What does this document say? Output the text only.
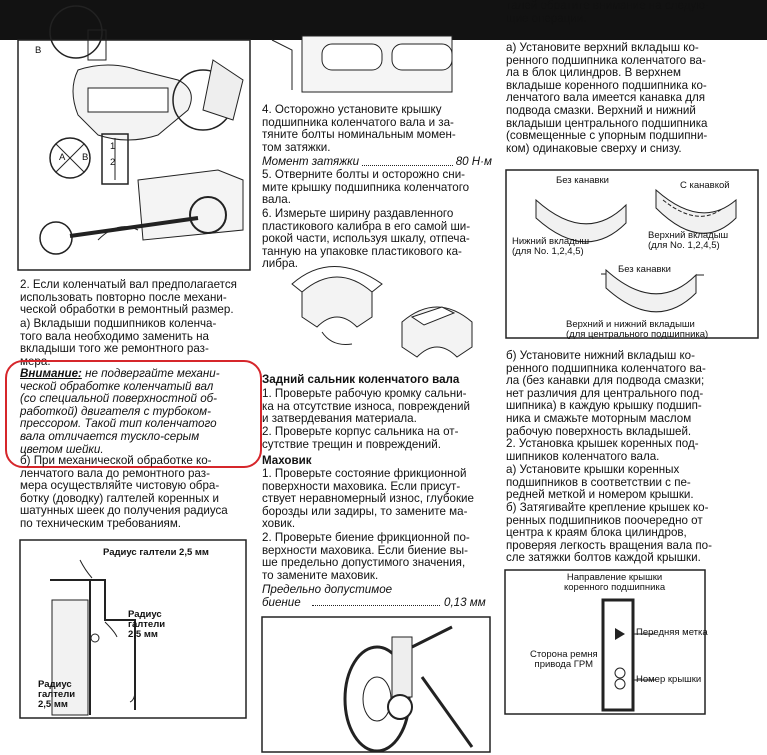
В
A B
1
2

2. Если коленчатый вал предполагается
использовать повторно после механи-
ческой обработки в ремонтный размер.

а) Вкладыши подшипников коленча-
того вала необходимо заменить на
вкладыши того же ремонтного раз-
мера.

Внимание: не подвергайте механи-
ческой обработке коленчатый вал
(со специальной поверхностной об-
работкой) двигателя с турбоком-
прессором. Такой тип коленчатого
вала отличается тускло-серым
цветом шейки.

б) При механической обработке ко-
ленчатого вала до ремонтного раз-
мера осуществляйте чистовую обра-
ботку (доводку) галтелей коренных и
шатунных шеек до получения радиуса
по техническим требованиям.

Радиус галтели 2,5 мм
Радиус
галтели
2,5 мм
Радиус
галтели
2,5 мм

4. Осторожно установите крышку
подшипника коленчатого вала и за-
тяните болты номинальным момен-
том затяжки.

Момент затяжки	80 Н·м

5. Отверните болты и осторожно сни-
мите крышку подшипника коленчатого
вала.

6. Измерьте ширину раздавленного
пластикового калибра в его самой ши-
рокой части, используя шкалу, отпеча-
танную на упаковке пластикового ка-
либра.

Задний сальник коленчатого вала

1. Проверьте рабочую кромку сальни-
ка на отсутствие износа, повреждений
и затвердевания материала.

2. Проверьте корпус сальника на от-
сутствие трещин и повреждений.

Маховик

1. Проверьте состояние фрикционной
поверхности маховика. Если присут-
ствует неравномерный износ, глубокие
борозды или задиры, то замените ма-
ховик.

2. Проверьте биение фрикционной по-
верхности маховика. Если биение вы-
ше предельно допустимого значения,
то замените маховик.

Предельно допустимое
биение	0,13 мм

талей обратите внимание на следую-
щие операции.

а) Установите верхний вкладыш ко-
ренного подшипника коленчатого ва-
ла в блок цилиндров. В верхнем
вкладыше коренного подшипника ко-
ленчатого вала имеется канавка для
подвода смазки. Верхний и нижний
вкладыши центрального подшипника
(совмещенные с упорным подшипни-
ком) одинаковые сверху и снизу.

Без канавки	С канавкой
Нижний вкладыш
(для No. 1,2,4,5)
Верхний вкладыш
(для No. 1,2,4,5)
Без канавки
Верхний и нижний вкладыши
(для центрального подшипника)

б) Установите нижний вкладыш ко-
ренного подшипника коленчатого ва-
ла (без канавки для подвода смазки;
нет различия для центрального под-
шипника) в каждую крышку подшип-
ника и смажьте моторным маслом
рабочую поверхность вкладышей.

2. Установка крышек коренных под-
шипников коленчатого вала.

а) Установите крышки коренных
подшипников в соответствии с пе-
редней меткой и номером крышки.

б) Затягивайте крепление крышек ко-
ренных подшипников поочередно от
центра к краям блока цилиндров,
проверяя легкость вращения вала по-
сле затяжки болтов каждой крышки.

Направление крышки
коренного подшипника
Передняя метка
Сторона ремня
привода ГРМ
Номер крышки
